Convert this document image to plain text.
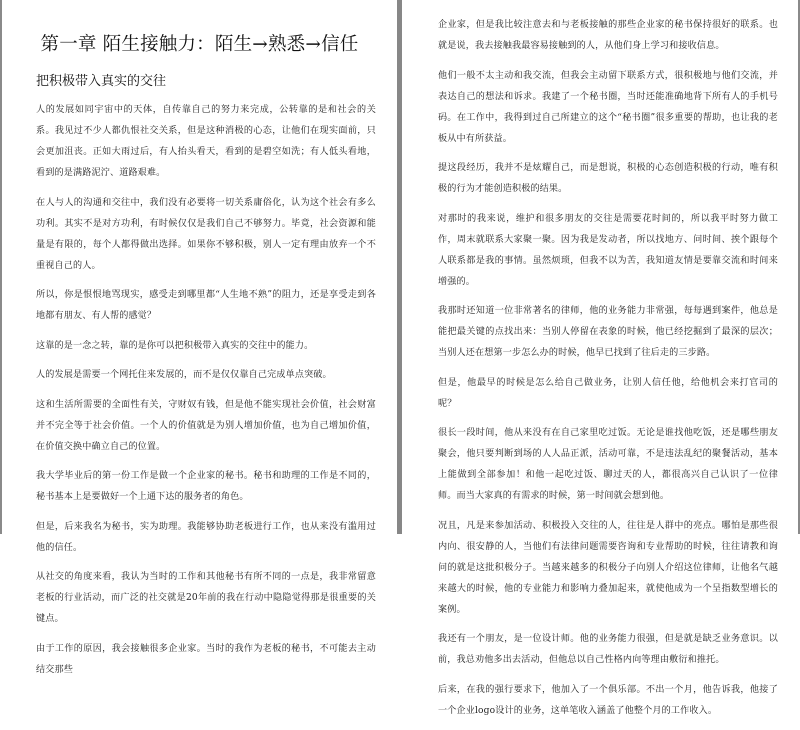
第一章 陌生接触力：陌生→熟悉→信任
把积极带入真实的交往

人的发展如同宇宙中的天体，自传靠自己的努力来完成，公转靠的是和社会的关系。我见过不少人都仇恨社交关系，但是这种消极的心态，让他们在现实面前，只会更加沮丧。正如大雨过后，有人抬头看天，看到的是碧空如洗；有人低头看地，看到的是满路泥泞、道路艰难。

在人与人的沟通和交往中，我们没有必要将一切关系庸俗化，认为这个社会有多么功利。其实不是对方功利，有时候仅仅是我们自己不够努力。毕竟，社会资源和能量是有限的，每个人都得做出选择。如果你不够积极，别人一定有理由放弃一个不重视自己的人。

所以，你是恨恨地骂现实，感受走到哪里都“人生地不熟”的阻力，还是享受走到各地都有朋友、有人帮的感觉？

这靠的是一念之转，靠的是你可以把积极带入真实的交往中的能力。

人的发展是需要一个网托住来发展的，而不是仅仅靠自己完成单点突破。

这和生活所需要的全面性有关，守财奴有钱，但是他不能实现社会价值，社会财富并不完全等于社会价值。一个人的价值就是为别人增加价值，也为自己增加价值，在价值交换中确立自己的位置。

我大学毕业后的第一份工作是做一个企业家的秘书。秘书和助理的工作是不同的，秘书基本上是要做好一个上通下达的服务者的角色。

但是，后来我名为秘书，实为助理。我能够协助老板进行工作，也从来没有滥用过他的信任。

从社交的角度来看，我认为当时的工作和其他秘书有所不同的一点是，我非常留意老板的行业活动，而广泛的社交就是20年前的我在行动中隐隐觉得那是很重要的关键点。

由于工作的原因，我会接触很多企业家。当时的我作为老板的秘书，不可能去主动结交那些

企业家，但是我比较注意去和与老板接触的那些企业家的秘书保持很好的联系。也就是说，我去接触我最容易接触到的人，从他们身上学习和接收信息。

他们一般不太主动和我交流，但我会主动留下联系方式，很积极地与他们交流，并表达自己的想法和诉求。我建了一个秘书圈，当时还能准确地背下所有人的手机号码。在工作中，我得到过自己所建立的这个“秘书圈”很多重要的帮助，也让我的老板从中有所获益。

提这段经历，我并不是炫耀自己，而是想说，积极的心态创造积极的行动，唯有积极的行为才能创造积极的结果。

对那时的我来说，维护和很多朋友的交往是需要花时间的，所以我平时努力做工作，周末就联系大家聚一聚。因为我是发动者，所以找地方、问时间、挨个跟每个人联系都是我的事情。虽然烦琐，但我不以为苦，我知道友情是要靠交流和时间来增强的。

我那时还知道一位非常著名的律师，他的业务能力非常强，每每遇到案件，他总是能把最关键的点找出来：当别人停留在表象的时候，他已经挖掘到了最深的层次；当别人还在想第一步怎么办的时候，他早已找到了往后走的三步路。

但是，他最早的时候是怎么给自己做业务，让别人信任他，给他机会来打官司的呢？

很长一段时间，他从来没有在自己家里吃过饭。无论是谁找他吃饭，还是哪些朋友聚会，他只要判断到场的人人品正派，活动可靠，不是违法乱纪的聚餐活动，基本上能做到全部参加！和他一起吃过饭、聊过天的人，都很高兴自己认识了一位律师。而当大家真的有需求的时候，第一时间就会想到他。

况且，凡是来参加活动、积极投入交往的人，往往是人群中的亮点。哪怕是那些很内向、很安静的人，当他们有法律问题需要咨询和专业帮助的时候，往往请教和询问的就是这批积极分子。当越来越多的积极分子向别人介绍这位律师，让他名气越来越大的时候，他的专业能力和影响力叠加起来，就使他成为一个呈指数型增长的案例。

我还有一个朋友，是一位设计师。他的业务能力很强，但是就是缺乏业务意识。以前，我总劝他多出去活动，但他总以自己性格内向等理由敷衍和推托。

后来，在我的强行要求下，他加入了一个俱乐部。不出一个月，他告诉我，他接了一个企业logo设计的业务，这单笔收入涵盖了他整个月的工作收入。
